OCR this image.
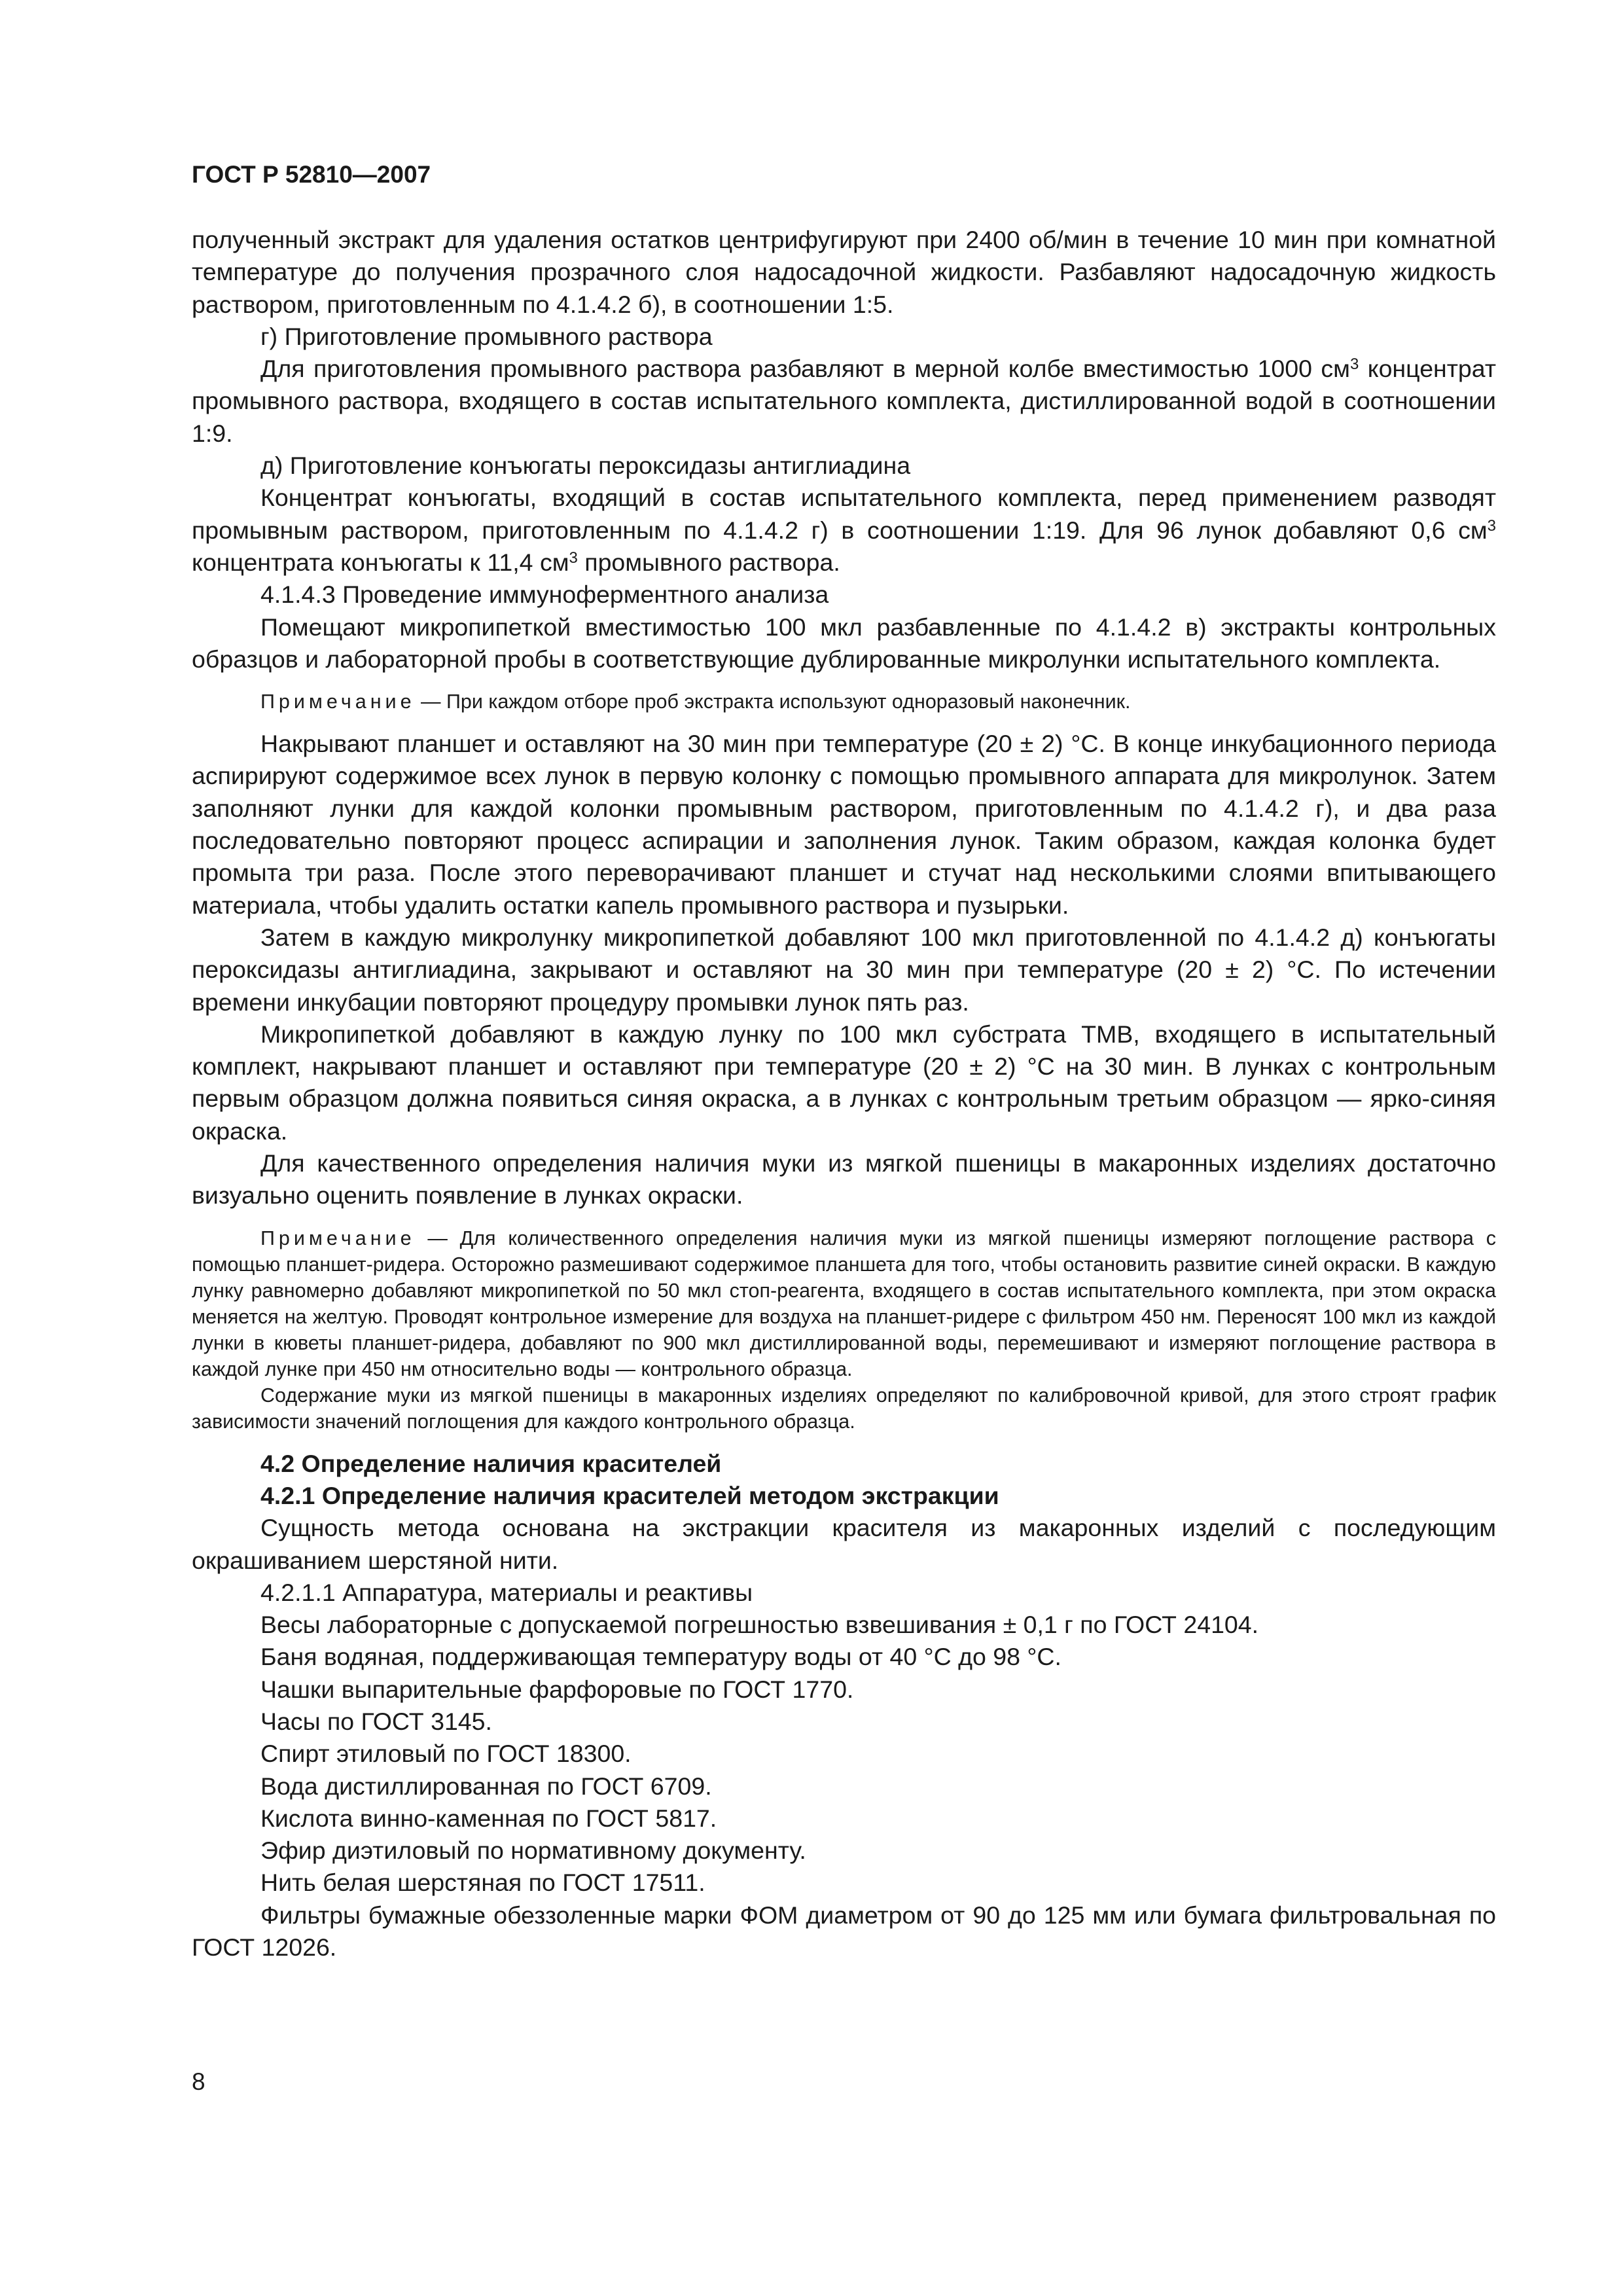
ГОСТ Р 52810—2007

полученный экстракт для удаления остатков центрифугируют при 2400 об/мин в течение 10 мин при комнатной температуре до получения прозрачного слоя надосадочной жидкости. Разбавляют надосадочную жидкость раствором, приготовленным по 4.1.4.2 б), в соотношении 1:5.

г) Приготовление промывного раствора

Для приготовления промывного раствора разбавляют в мерной колбе вместимостью 1000 $см^3$ концентрат промывного раствора, входящего в состав испытательного комплекта, дистиллированной водой в соотношении 1:9.

д) Приготовление конъюгаты пероксидазы антиглиадина

Концентрат конъюгаты, входящий в состав испытательного комплекта, перед применением разводят промывным раствором, приготовленным по 4.1.4.2 г) в соотношении 1:19. Для 96 лунок добавляют 0,6 $см^3$ концентрата конъюгаты к 11,4 $см^3$ промывного раствора.

4.1.4.3 Проведение иммуноферментного анализа

Помещают микропипеткой вместимостью 100 мкл разбавленные по 4.1.4.2 в) экстракты контрольных образцов и лабораторной пробы в соответствующие дублированные микролунки испытательного комплекта.

Примечание — При каждом отборе проб экстракта используют одноразовый наконечник.

Накрывают планшет и оставляют на 30 мин при температуре (20 ± 2) °С. В конце инкубационного периода аспирируют содержимое всех лунок в первую колонку с помощью промывного аппарата для микролунок. Затем заполняют лунки для каждой колонки промывным раствором, приготовленным по 4.1.4.2 г), и два раза последовательно повторяют процесс аспирации и заполнения лунок. Таким образом, каждая колонка будет промыта три раза. После этого переворачивают планшет и стучат над несколькими слоями впитывающего материала, чтобы удалить остатки капель промывного раствора и пузырьки.

Затем в каждую микролунку микропипеткой добавляют 100 мкл приготовленной по 4.1.4.2 д) конъюгаты пероксидазы антиглиадина, закрывают и оставляют на 30 мин при температуре (20 ± 2) °С. По истечении времени инкубации повторяют процедуру промывки лунок пять раз.

Микропипеткой добавляют в каждую лунку по 100 мкл субстрата ТМВ, входящего в испытательный комплект, накрывают планшет и оставляют при температуре (20 ± 2) °С на 30 мин. В лунках с контрольным первым образцом должна появиться синяя окраска, а в лунках с контрольным третьим образцом — ярко-синяя окраска.

Для качественного определения наличия муки из мягкой пшеницы в макаронных изделиях достаточно визуально оценить появление в лунках окраски.

Примечание — Для количественного определения наличия муки из мягкой пшеницы измеряют поглощение раствора с помощью планшет-ридера. Осторожно размешивают содержимое планшета для того, чтобы остановить развитие синей окраски. В каждую лунку равномерно добавляют микропипеткой по 50 мкл стоп-реагента, входящего в состав испытательного комплекта, при этом окраска меняется на желтую. Проводят контрольное измерение для воздуха на планшет-ридере с фильтром 450 нм. Переносят 100 мкл из каждой лунки в кюветы планшет-ридера, добавляют по 900 мкл дистиллированной воды, перемешивают и измеряют поглощение раствора в каждой лунке при 450 нм относительно воды — контрольного образца.

Содержание муки из мягкой пшеницы в макаронных изделиях определяют по калибровочной кривой, для этого строят график зависимости значений поглощения для каждого контрольного образца.

4.2 Определение наличия красителей

4.2.1 Определение наличия красителей методом экстракции

Сущность метода основана на экстракции красителя из макаронных изделий с последующим окрашиванием шерстяной нити.

4.2.1.1 Аппаратура, материалы и реактивы

Весы лабораторные с допускаемой погрешностью взвешивания ± 0,1 г по ГОСТ 24104.

Баня водяная, поддерживающая температуру воды от 40 °С до 98 °С.

Чашки выпарительные фарфоровые по ГОСТ 1770.

Часы по ГОСТ 3145.

Спирт этиловый по ГОСТ 18300.

Вода дистиллированная по ГОСТ 6709.

Кислота винно-каменная по ГОСТ 5817.

Эфир диэтиловый по нормативному документу.

Нить белая шерстяная по ГОСТ 17511.

Фильтры бумажные обеззоленные марки ФОМ диаметром от 90 до 125 мм или бумага фильтровальная по ГОСТ 12026.

8
